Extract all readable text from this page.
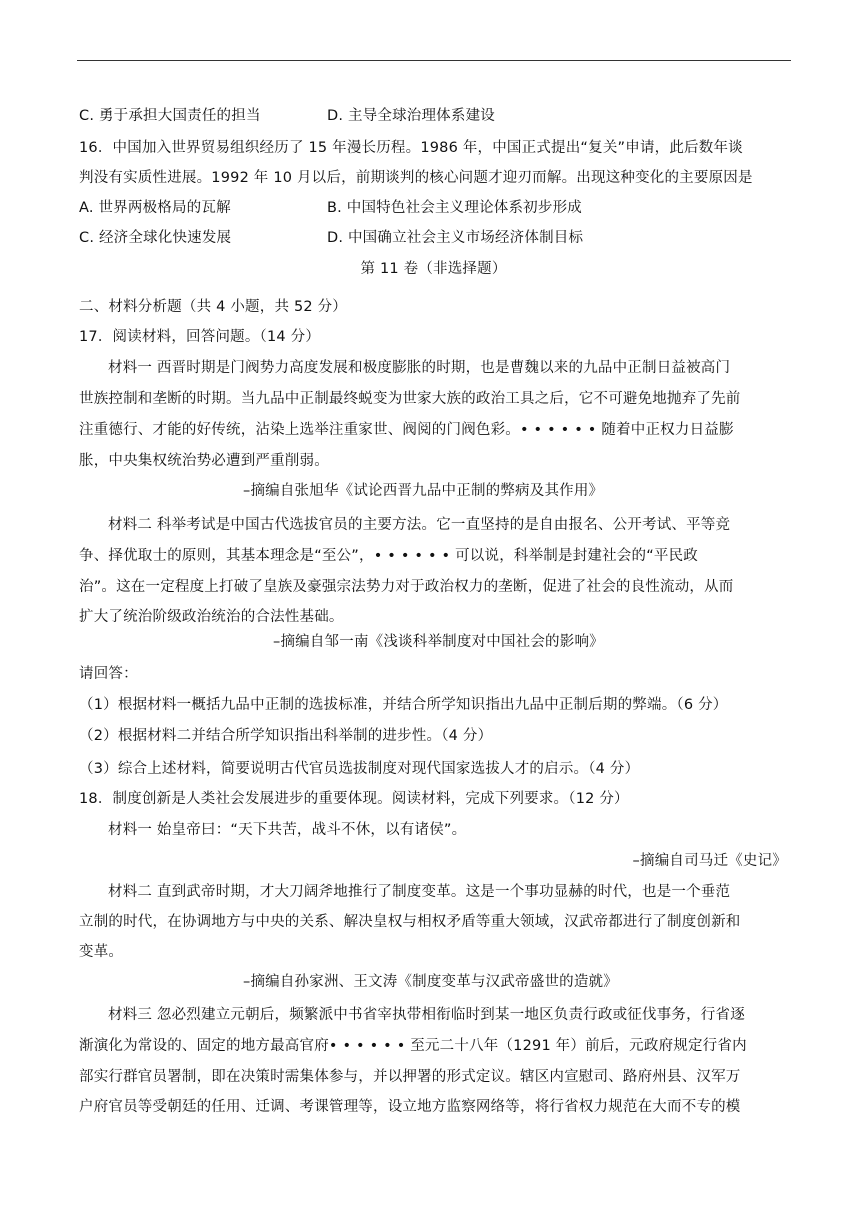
C. 勇于承担大国责任的担当	D. 主导全球治理体系建设
16．中国加入世界贸易组织经历了 15 年漫长历程。1986 年，中国正式提出“复关”申请，此后数年谈
判没有实质性进展。1992 年 10 月以后，前期谈判的核心问题才迎刃而解。出现这种变化的主要原因是
A. 世界两极格局的瓦解	B. 中国特色社会主义理论体系初步形成
C. 经济全球化快速发展	D. 中国确立社会主义市场经济体制目标
第 11 卷（非选择题）
二、材料分析题（共 4 小题，共 52 分）
17．阅读材料，回答问题。（14 分）
材料一 西晋时期是门阀势力高度发展和极度膨胀的时期，也是曹魏以来的九品中正制日益被高门
世族控制和垄断的时期。当九品中正制最终蜕变为世家大族的政治工具之后，它不可避免地抛弃了先前
注重德行、才能的好传统，沾染上选举注重家世、阀阅的门阀色彩。• • • • • • 随着中正权力日益膨
胀，中央集权统治势必遭到严重削弱。
–摘编自张旭华《试论西晋九品中正制的弊病及其作用》
材料二 科举考试是中国古代选拔官员的主要方法。它一直坚持的是自由报名、公开考试、平等竞
争、择优取士的原则，其基本理念是“至公”，• • • • • • 可以说，科举制是封建社会的“平民政
治”。这在一定程度上打破了皇族及豪强宗法势力对于政治权力的垄断，促进了社会的良性流动，从而
扩大了统治阶级政治统治的合法性基础。
–摘编自邹一南《浅谈科举制度对中国社会的影响》
请回答：
（1）根据材料一概括九品中正制的选拔标准，并结合所学知识指出九品中正制后期的弊端。（6 分）
（2）根据材料二并结合所学知识指出科举制的进步性。（4 分）
（3）综合上述材料，简要说明古代官员选拔制度对现代国家选拔人才的启示。（4 分）
18．制度创新是人类社会发展进步的重要体现。阅读材料，完成下列要求。（12 分）
材料一 始皇帝曰：“天下共苦，战斗不休，以有诸侯”。
–摘编自司马迁《史记》
材料二 直到武帝时期，才大刀阔斧地推行了制度变革。这是一个事功显赫的时代，也是一个垂范
立制的时代，在协调地方与中央的关系、解决皇权与相权矛盾等重大领域，汉武帝都进行了制度创新和
变革。
–摘编自孙家洲、王文涛《制度变革与汉武帝盛世的造就》
材料三 忽必烈建立元朝后，频繁派中书省宰执带相衔临时到某一地区负责行政或征伐事务，行省逐
渐演化为常设的、固定的地方最高官府• • • • • • 至元二十八年（1291 年）前后，元政府规定行省内
部实行群官员署制，即在决策时需集体参与，并以押署的形式定议。辖区内宣慰司、路府州县、汉军万
户府官员等受朝廷的任用、迁调、考课管理等，设立地方监察网络等，将行省权力规范在大而不专的模
